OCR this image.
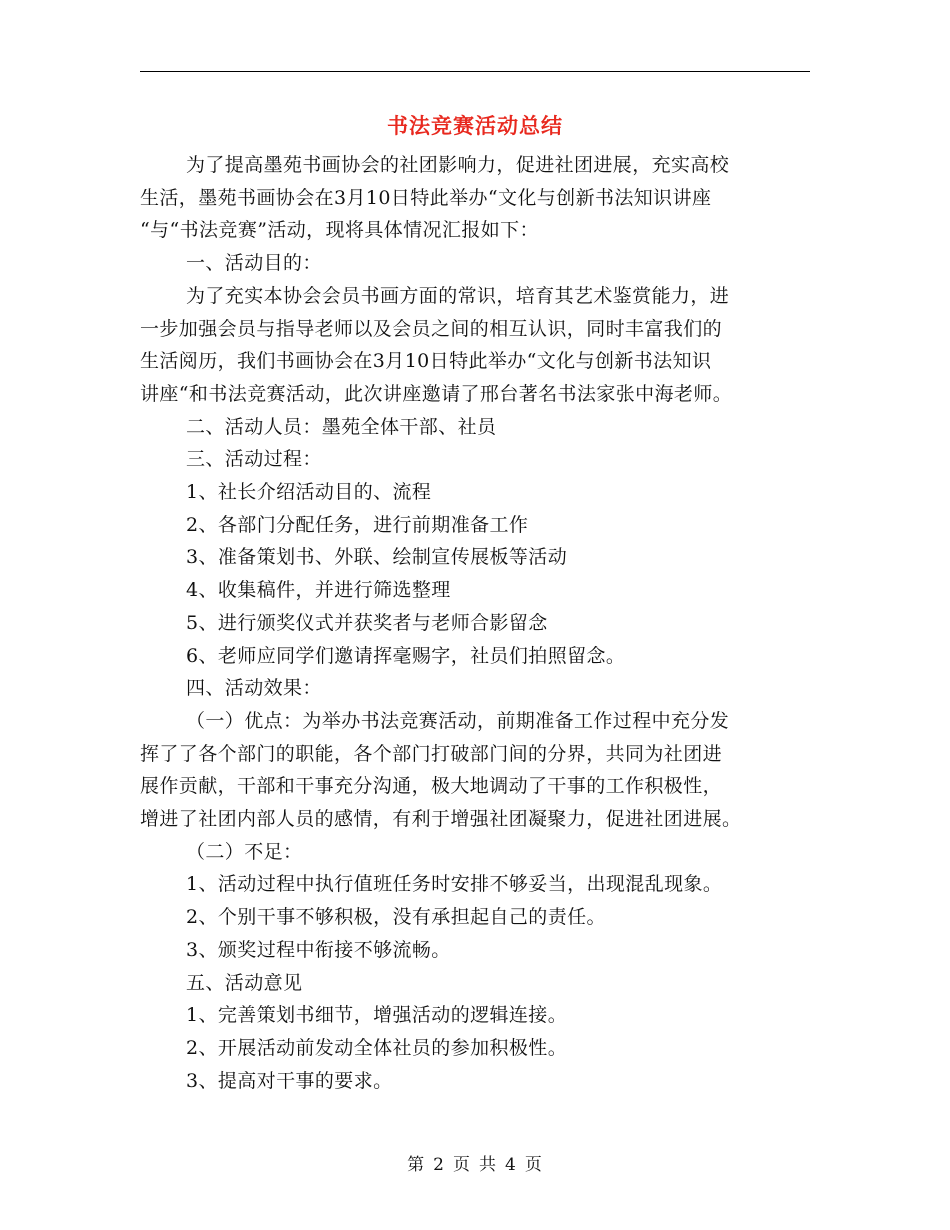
书法竞赛活动总结

为了提高墨苑书画协会的社团影响力，促进社团进展，充实高校

生活，墨苑书画协会在3月10日特此举办“文化与创新书法知识讲座

“与“书法竞赛”活动，现将具体情况汇报如下：

一、活动目的：

为了充实本协会会员书画方面的常识，培育其艺术鉴赏能力，进

一步加强会员与指导老师以及会员之间的相互认识，同时丰富我们的

生活阅历，我们书画协会在3月10日特此举办“文化与创新书法知识

讲座“和书法竞赛活动，此次讲座邀请了邢台著名书法家张中海老师。

二、活动人员：墨苑全体干部、社员

三、活动过程：

1、社长介绍活动目的、流程

2、各部门分配任务，进行前期准备工作

3、准备策划书、外联、绘制宣传展板等活动

4、收集稿件，并进行筛选整理

5、进行颁奖仪式并获奖者与老师合影留念

6、老师应同学们邀请挥毫赐字，社员们拍照留念。

四、活动效果：

（一）优点：为举办书法竞赛活动，前期准备工作过程中充分发

挥了了各个部门的职能，各个部门打破部门间的分界，共同为社团进

展作贡献，干部和干事充分沟通，极大地调动了干事的工作积极性，

增进了社团内部人员的感情，有利于增强社团凝聚力，促进社团进展。

（二）不足：

1、活动过程中执行值班任务时安排不够妥当，出现混乱现象。

2、个别干事不够积极，没有承担起自己的责任。

3、颁奖过程中衔接不够流畅。

五、活动意见

1、完善策划书细节，增强活动的逻辑连接。

2、开展活动前发动全体社员的参加积极性。

3、提高对干事的要求。

第 2 页 共 4 页
